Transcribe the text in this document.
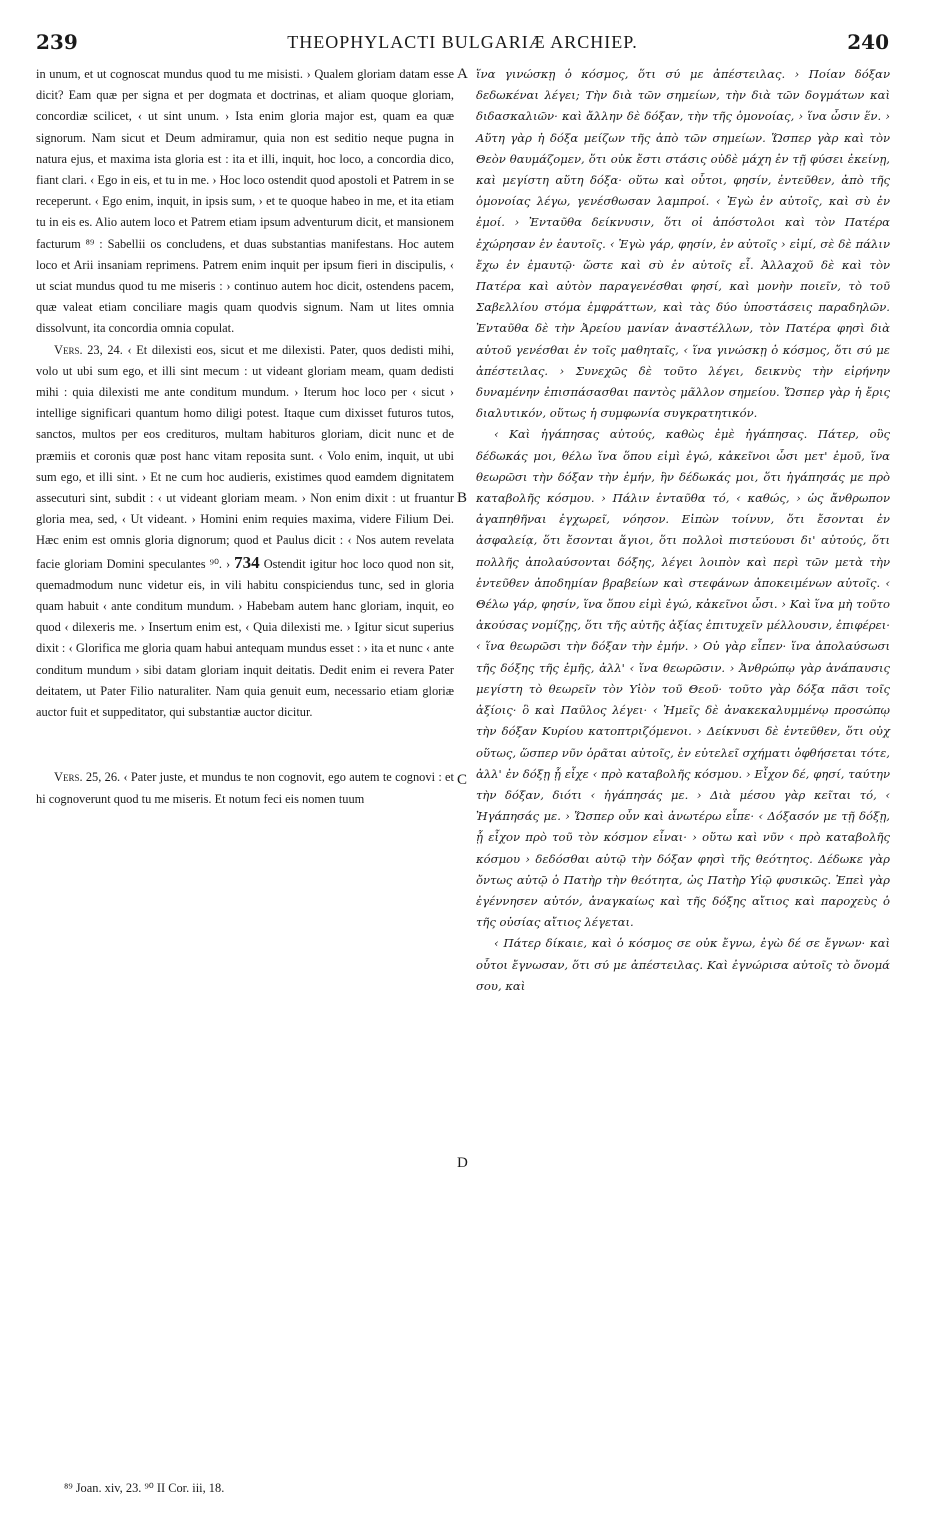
239	THEOPHYLACTI BULGARIÆ ARCHIEP.	240

in unum, et ut cognoscat mundus quod tu me misisti. › Qualem gloriam datam esse dicit? Eam quæ per signa et per dogmata et doctrinas, et aliam quoque gloriam, concordiæ scilicet, ‹ ut sint unum. › Ista enim gloria major est, quam ea quæ signorum. Nam sicut et Deum admiramur, quia non est seditio neque pugna in natura ejus, et maxima ista gloria est : ita et illi, inquit, hoc loco, a concordia dico, fiant clari. ‹ Ego in eis, et tu in me. › Hoc loco ostendit quod apostoli et Patrem in se receperunt. ‹ Ego enim, inquit, in ipsis sum, › et te quoque habeo in me, et ita etiam tu in eis es. Alio autem loco et Patrem etiam ipsum adventurum dicit, et mansionem facturum ⁸⁹ : Sabellii os concludens, et duas substantias manifestans. Hoc autem loco et Arii insaniam reprimens. Patrem enim inquit per ipsum fieri in discipulis, ‹ ut sciat mundus quod tu me miseris : › continuo autem hoc dicit, ostendens pacem, quæ valeat etiam conciliare magis quam quodvis signum. Nam ut lites omnia dissolvunt, ita concordia omnia copulat.

Vers. 23, 24. ‹ Et dilexisti eos, sicut et me dilexisti. Pater, quos dedisti mihi, volo ut ubi sum ego, et illi sint mecum : ut videant gloriam meam, quam dedisti mihi : quia dilexisti me ante conditum mundum. › Iterum hoc loco per ‹ sicut › intellige significari quantum homo diligi potest. Itaque cum dixisset futuros tutos, sanctos, multos per eos credituros, multam habituros gloriam, dicit nunc et de præmiis et coronis quæ post hanc vitam reposita sunt. ‹ Volo enim, inquit, ut ubi sum ego, et illi sint. › Et ne cum hoc audieris, existimes quod eamdem dignitatem assecuturi sint, subdit : ‹ ut videant gloriam meam. › Non enim dixit : ut fruantur gloria mea, sed, ‹ Ut videant. › Homini enim requies maxima, videre Filium Dei. Hæc enim est omnis gloria dignorum; quod et Paulus dicit : ‹ Nos autem revelata facie gloriam Domini speculantes ⁹⁰. › 734 Ostendit igitur hoc loco quod non sit, quemadmodum nunc videtur eis, in vili habitu conspiciendus tunc, sed in gloria quam habuit ‹ ante conditum mundum. › Habebam autem hanc gloriam, inquit, eo quod ‹ dilexeris me. › Insertum enim est, ‹ Quia dilexisti me. › Igitur sicut superius dixit : ‹ Glorifica me gloria quam habui antequam mundus esset : › ita et nunc ‹ ante conditum mundum › sibi datam gloriam inquit deitatis. Dedit enim ei revera Pater deitatem, ut Pater Filio naturaliter. Nam quia genuit eum, necessario etiam gloriæ auctor fuit et suppeditator, qui substantiæ auctor dicitur.

Vers. 25, 26. ‹ Pater juste, et mundus te non cognovit, ego autem te cognovi : et hi cognoverunt quod tu me miseris. Et notum feci eis nomen tuum

A
B
C
D

ἵνα γινώσκῃ ὁ κόσμος, ὅτι σύ με ἀπέστειλας. › Ποίαν δόξαν δεδωκέναι λέγει; Τὴν διὰ τῶν σημείων, τὴν διὰ τῶν δογμάτων καὶ διδασκαλιῶν· καὶ ἄλλην δὲ δόξαν, τὴν τῆς ὁμονοίας, › ἵνα ὦσιν ἕν. › Αὕτη γὰρ ἡ δόξα μείζων τῆς ἀπὸ τῶν σημείων. Ὥσπερ γὰρ καὶ τὸν Θεὸν θαυμάζομεν, ὅτι οὐκ ἔστι στάσις οὐδὲ μάχη ἐν τῇ φύσει ἐκείνῃ, καὶ μεγίστη αὕτη δόξα· οὕτω καὶ οὗτοι, φησίν, ἐντεῦθεν, ἀπὸ τῆς ὁμονοίας λέγω, γενέσθωσαν λαμπροί. ‹ Ἐγὼ ἐν αὐτοῖς, καὶ σὺ ἐν ἐμοί. › Ἐνταῦθα δείκνυσιν, ὅτι οἱ ἀπόστολοι καὶ τὸν Πατέρα ἐχώρησαν ἐν ἑαυτοῖς. ‹ Ἐγὼ γάρ, φησίν, ἐν αὐτοῖς › εἰμί, σὲ δὲ πάλιν ἔχω ἐν ἐμαυτῷ· ὥστε καὶ σὺ ἐν αὐτοῖς εἶ. Ἀλλαχοῦ δὲ καὶ τὸν Πατέρα καὶ αὐτὸν παραγενέσθαι φησί, καὶ μονὴν ποιεῖν, τὸ τοῦ Σαβελλίου στόμα ἐμφράττων, καὶ τὰς δύο ὑποστάσεις παραδηλῶν. Ἐνταῦθα δὲ τὴν Ἀρείου μανίαν ἀναστέλλων, τὸν Πατέρα φησὶ διὰ αὐτοῦ γενέσθαι ἐν τοῖς μαθηταῖς, ‹ ἵνα γινώσκῃ ὁ κόσμος, ὅτι σύ με ἀπέστειλας. › Συνεχῶς δὲ τοῦτο λέγει, δεικνὺς τὴν εἰρήνην δυναμένην ἐπισπάσασθαι παντὸς μᾶλλον σημείου. Ὥσπερ γὰρ ἡ ἔρις διαλυτικόν, οὕτως ἡ συμφωνία συγκρατητικόν.

‹ Καὶ ἠγάπησας αὐτούς, καθὼς ἐμὲ ἠγάπησας. Πάτερ, οὓς δέδωκάς μοι, θέλω ἵνα ὅπου εἰμὶ ἐγώ, κἀκεῖνοι ὦσι μετ' ἐμοῦ, ἵνα θεωρῶσι τὴν δόξαν τὴν ἐμήν, ἣν δέδωκάς μοι, ὅτι ἠγάπησάς με πρὸ καταβολῆς κόσμου. › Πάλιν ἐνταῦθα τό, ‹ καθώς, › ὡς ἄνθρωπον ἀγαπηθῆναι ἐγχωρεῖ, νόησον. Εἰπὼν τοίνυν, ὅτι ἔσονται ἐν ἀσφαλείᾳ, ὅτι ἔσονται ἅγιοι, ὅτι πολλοὶ πιστεύουσι δι' αὐτούς, ὅτι πολλῆς ἀπολαύσονται δόξης, λέγει λοιπὸν καὶ περὶ τῶν μετὰ τὴν ἐντεῦθεν ἀποδημίαν βραβείων καὶ στεφάνων ἀποκειμένων αὐτοῖς. ‹ Θέλω γάρ, φησίν, ἵνα ὅπου εἰμὶ ἐγώ, κἀκεῖνοι ὦσι. › Καὶ ἵνα μὴ τοῦτο ἀκούσας νομίζῃς, ὅτι τῆς αὐτῆς ἀξίας ἐπιτυχεῖν μέλλουσιν, ἐπιφέρει· ‹ ἵνα θεωρῶσι τὴν δόξαν τὴν ἐμήν. › Οὐ γὰρ εἶπεν· ἵνα ἀπολαύσωσι τῆς δόξης τῆς ἐμῆς, ἀλλ' ‹ ἵνα θεωρῶσιν. › Ἀνθρώπῳ γὰρ ἀνάπαυσις μεγίστη τὸ θεωρεῖν τὸν Υἱὸν τοῦ Θεοῦ· τοῦτο γὰρ δόξα πᾶσι τοῖς ἀξίοις· ὃ καὶ Παῦλος λέγει· ‹ Ἡμεῖς δὲ ἀνακεκαλυμμένῳ προσώπῳ τὴν δόξαν Κυρίου κατοπτριζόμενοι. › Δείκνυσι δὲ ἐντεῦθεν, ὅτι οὐχ οὕτως, ὥσπερ νῦν ὁρᾶται αὐτοῖς, ἐν εὐτελεῖ σχήματι ὀφθήσεται τότε, ἀλλ' ἐν δόξῃ ᾗ εἶχε ‹ πρὸ καταβολῆς κόσμου. › Εἶχον δέ, φησί, ταύτην τὴν δόξαν, διότι ‹ ἠγάπησάς με. › Διὰ μέσου γὰρ κεῖται τό, ‹ Ἠγάπησάς με. › Ὥσπερ οὖν καὶ ἀνωτέρω εἶπε· ‹ Δόξασόν με τῇ δόξῃ, ᾗ εἶχον πρὸ τοῦ τὸν κόσμον εἶναι· › οὕτω καὶ νῦν ‹ πρὸ καταβολῆς κόσμου › δεδόσθαι αὐτῷ τὴν δόξαν φησὶ τῆς θεότητος. Δέδωκε γὰρ ὄντως αὐτῷ ὁ Πατὴρ τὴν θεότητα, ὡς Πατὴρ Υἱῷ φυσικῶς. Ἐπεὶ γὰρ ἐγέννησεν αὐτόν, ἀναγκαίως καὶ τῆς δόξης αἴτιος καὶ παροχεὺς ὁ τῆς οὐσίας αἴτιος λέγεται.

‹ Πάτερ δίκαιε, καὶ ὁ κόσμος σε οὐκ ἔγνω, ἐγὼ δέ σε ἔγνων· καὶ οὗτοι ἔγνωσαν, ὅτι σύ με ἀπέστειλας. Καὶ ἐγνώρισα αὐτοῖς τὸ ὄνομά σου, καὶ

⁸⁹ Joan. xiv, 23. ⁹⁰ II Cor. iii, 18.
